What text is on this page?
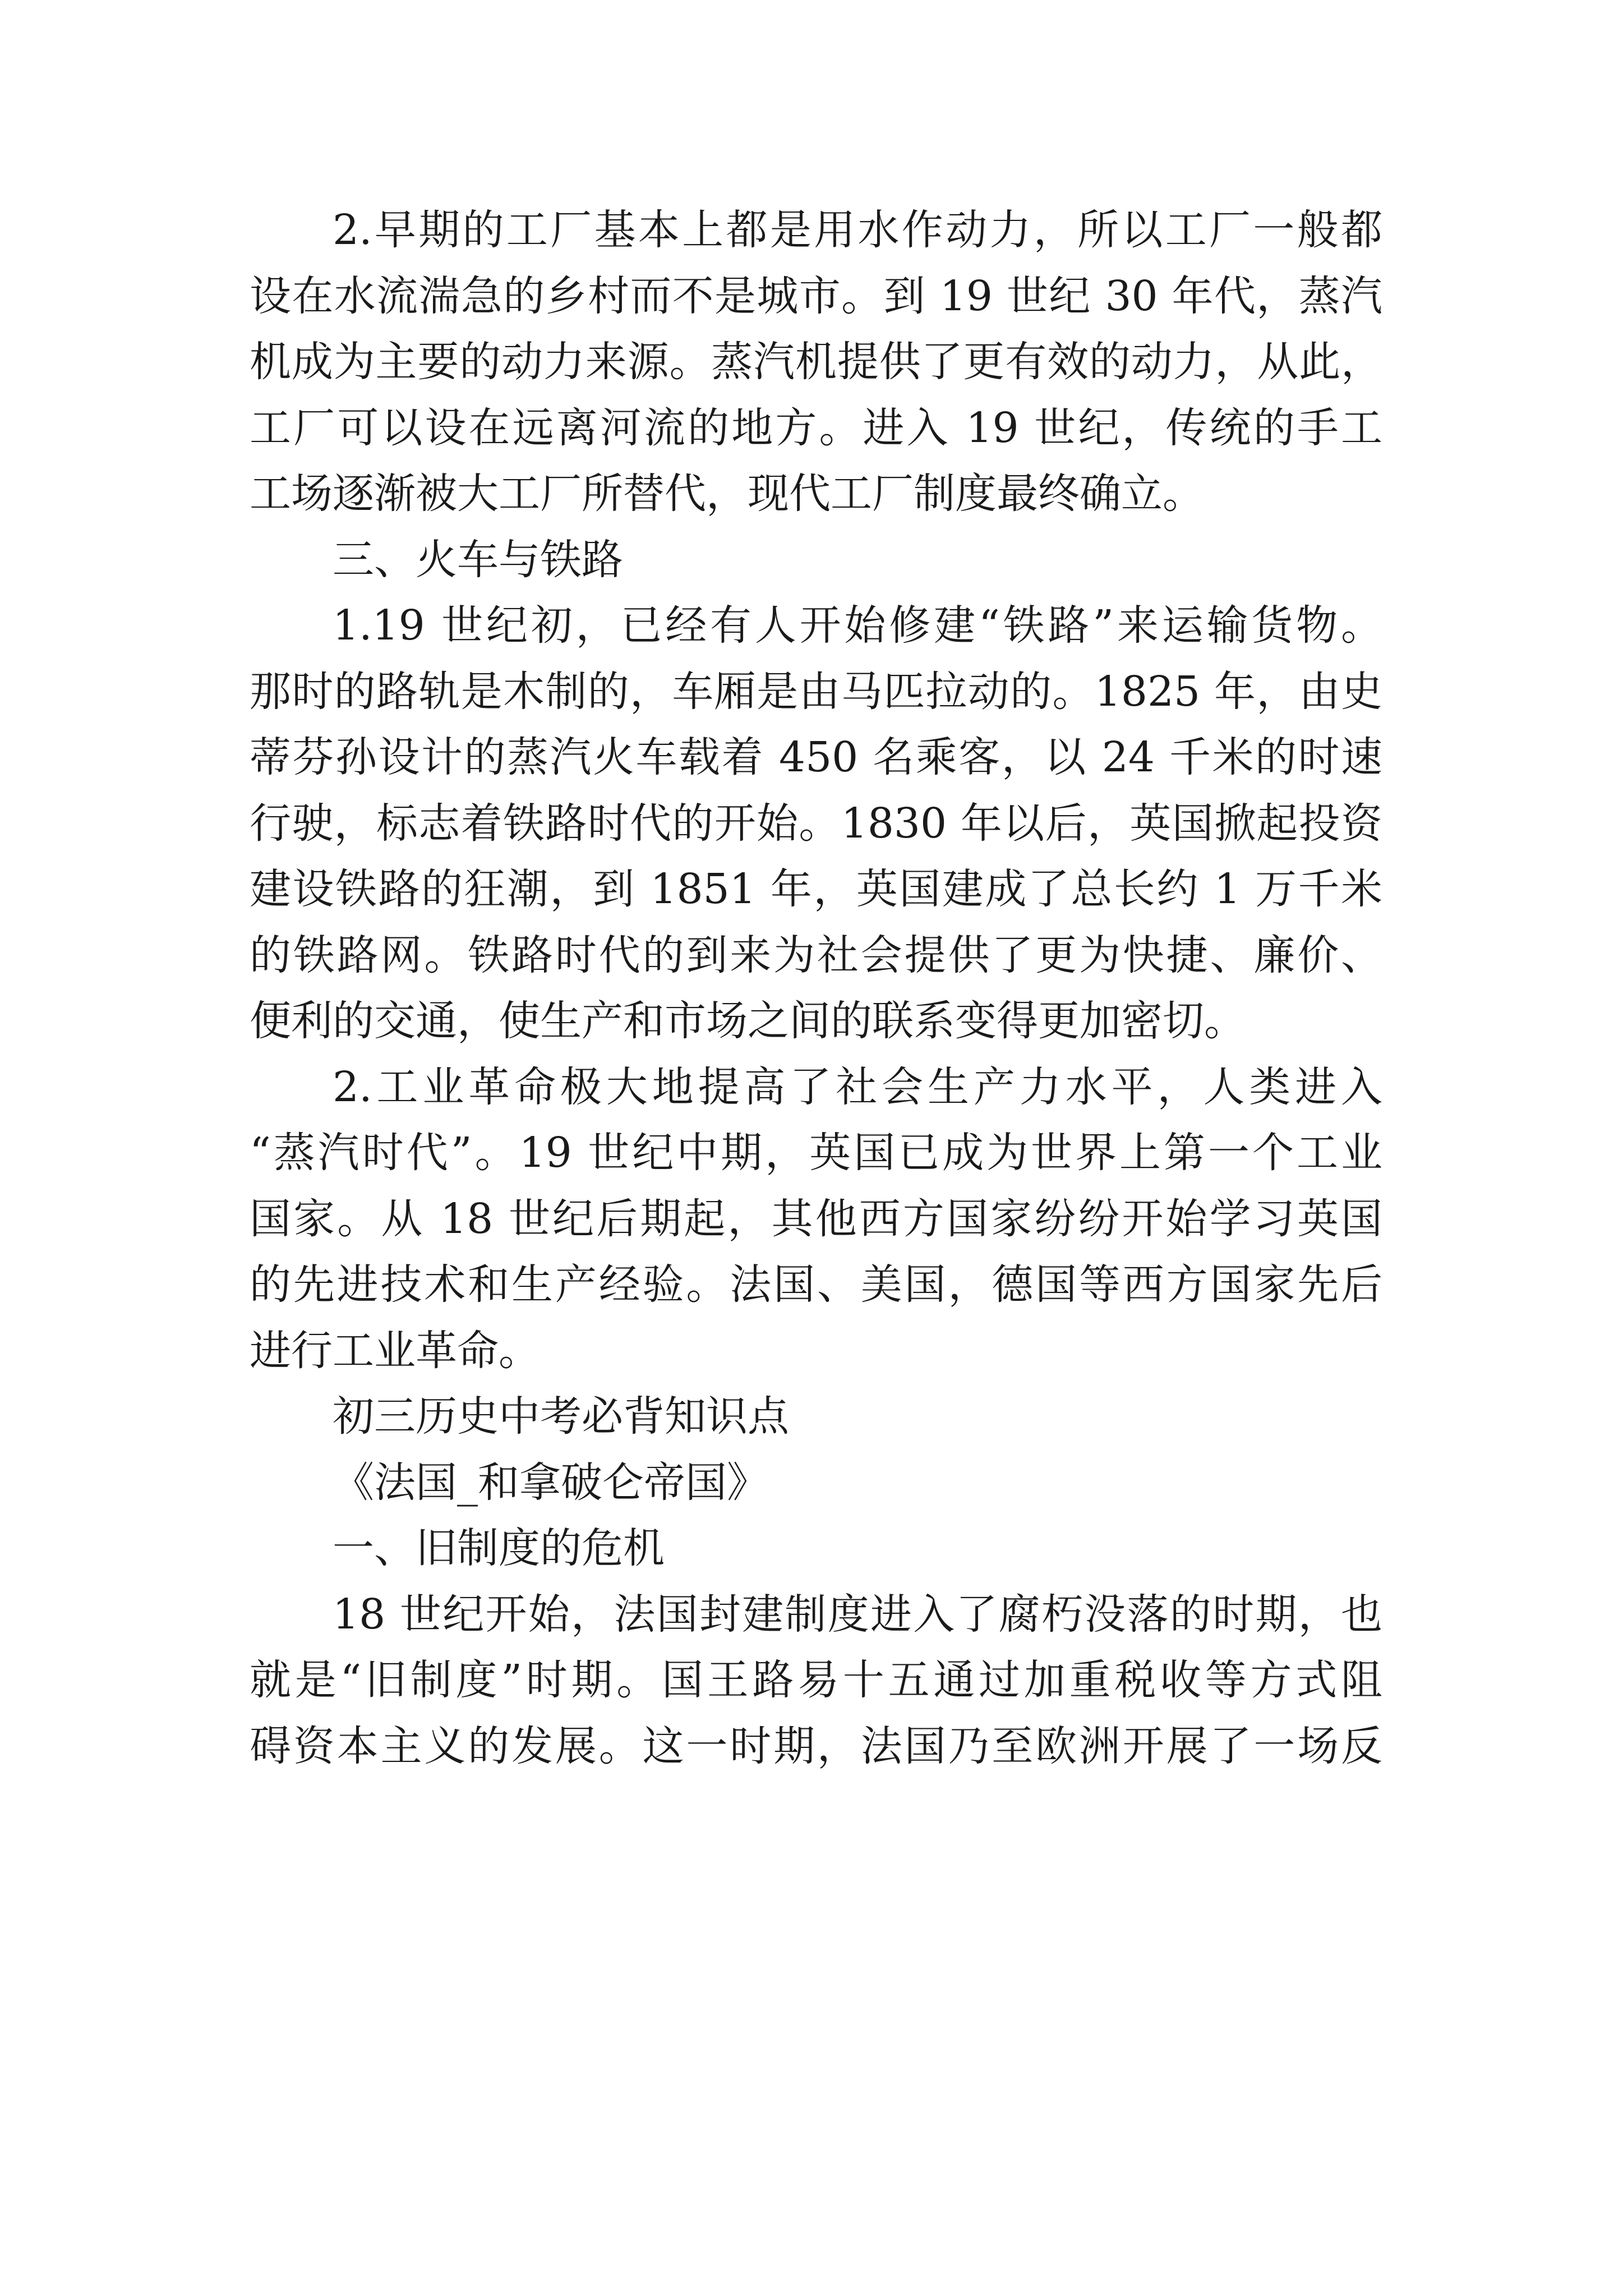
2.早期的工厂基本上都是用水作动力，所以工厂一般都
设在水流湍急的乡村而不是城市。到 19 世纪 30 年代，蒸汽
机成为主要的动力来源。蒸汽机提供了更有效的动力，从此，
工厂可以设在远离河流的地方。进入 19 世纪，传统的手工
工场逐渐被大工厂所替代，现代工厂制度最终确立。
三、火车与铁路
1.19 世纪初，已经有人开始修建“铁路”来运输货物。
那时的路轨是木制的，车厢是由马匹拉动的。1825 年，由史
蒂芬孙设计的蒸汽火车载着 450 名乘客，以 24 千米的时速
行驶，标志着铁路时代的开始。1830 年以后，英国掀起投资
建设铁路的狂潮，到 1851 年，英国建成了总长约 1 万千米
的铁路网。铁路时代的到来为社会提供了更为快捷、廉价、
便利的交通，使生产和市场之间的联系变得更加密切。
2.工业革命极大地提高了社会生产力水平，人类进入
“蒸汽时代”。19 世纪中期，英国已成为世界上第一个工业
国家。从 18 世纪后期起，其他西方国家纷纷开始学习英国
的先进技术和生产经验。法国、美国，德国等西方国家先后
进行工业革命。
初三历史中考必背知识点
《法国_和拿破仑帝国》
一、旧制度的危机
18 世纪开始，法国封建制度进入了腐朽没落的时期，也
就是“旧制度”时期。国王路易十五通过加重税收等方式阻
碍资本主义的发展。这一时期，法国乃至欧洲开展了一场反
